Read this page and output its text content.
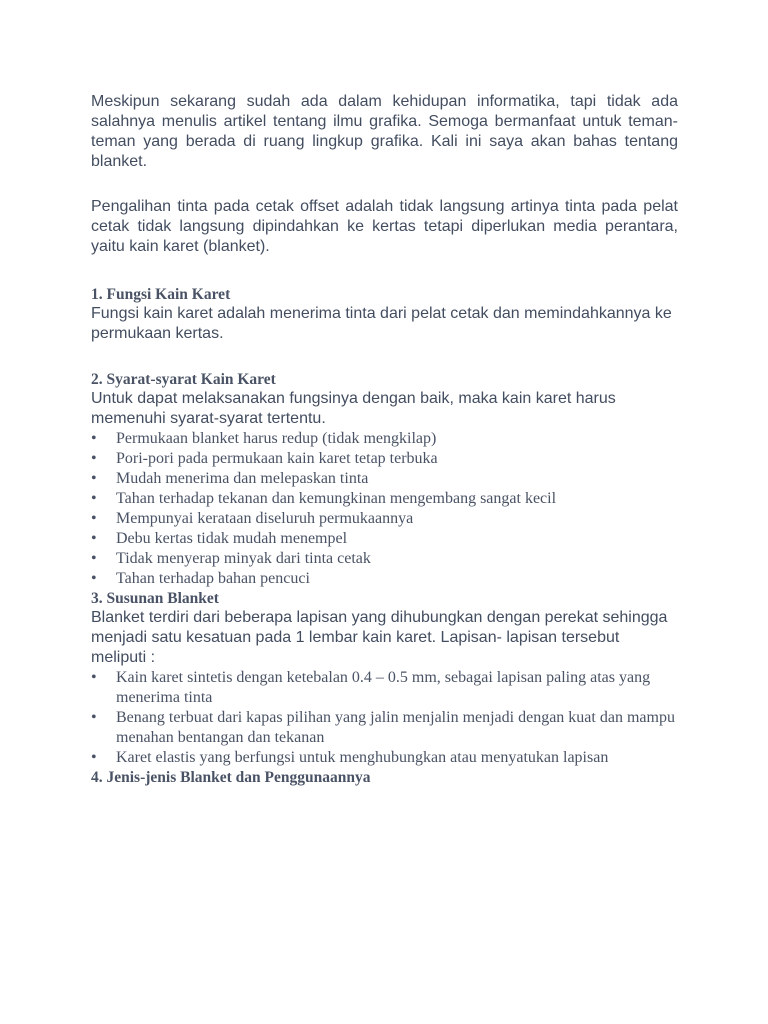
Meskipun sekarang sudah ada dalam kehidupan informatika, tapi tidak ada salahnya menulis artikel tentang ilmu grafika. Semoga bermanfaat untuk teman-teman yang berada di ruang lingkup grafika. Kali ini saya akan bahas tentang blanket.

Pengalihan tinta pada cetak offset adalah tidak langsung artinya tinta pada pelat cetak tidak langsung dipindahkan ke kertas tetapi diperlukan media perantara, yaitu kain karet (blanket).

1. Fungsi Kain Karet

Fungsi kain karet adalah menerima tinta dari pelat cetak dan memindahkannya ke permukaan kertas.

2. Syarat-syarat Kain Karet

Untuk dapat melaksanakan fungsinya dengan baik, maka kain karet harus memenuhi syarat-syarat tertentu.

• Permukaan blanket harus redup (tidak mengkilap)
• Pori-pori pada permukaan kain karet tetap terbuka
• Mudah menerima dan melepaskan tinta
• Tahan terhadap tekanan dan kemungkinan mengembang sangat kecil
• Mempunyai kerataan diseluruh permukaannya
• Debu kertas tidak mudah menempel
• Tidak menyerap minyak dari tinta cetak
• Tahan terhadap bahan pencuci
3. Susunan Blanket

Blanket terdiri dari beberapa lapisan yang dihubungkan dengan perekat sehingga menjadi satu kesatuan pada 1 lembar kain karet. Lapisan- lapisan tersebut meliputi :

• Kain karet sintetis dengan ketebalan 0.4 – 0.5 mm, sebagai lapisan paling atas yang menerima tinta
• Benang terbuat dari kapas pilihan yang jalin menjalin menjadi dengan kuat dan mampu menahan bentangan dan tekanan
• Karet elastis yang berfungsi untuk menghubungkan atau menyatukan lapisan
4. Jenis-jenis Blanket dan Penggunaannya
